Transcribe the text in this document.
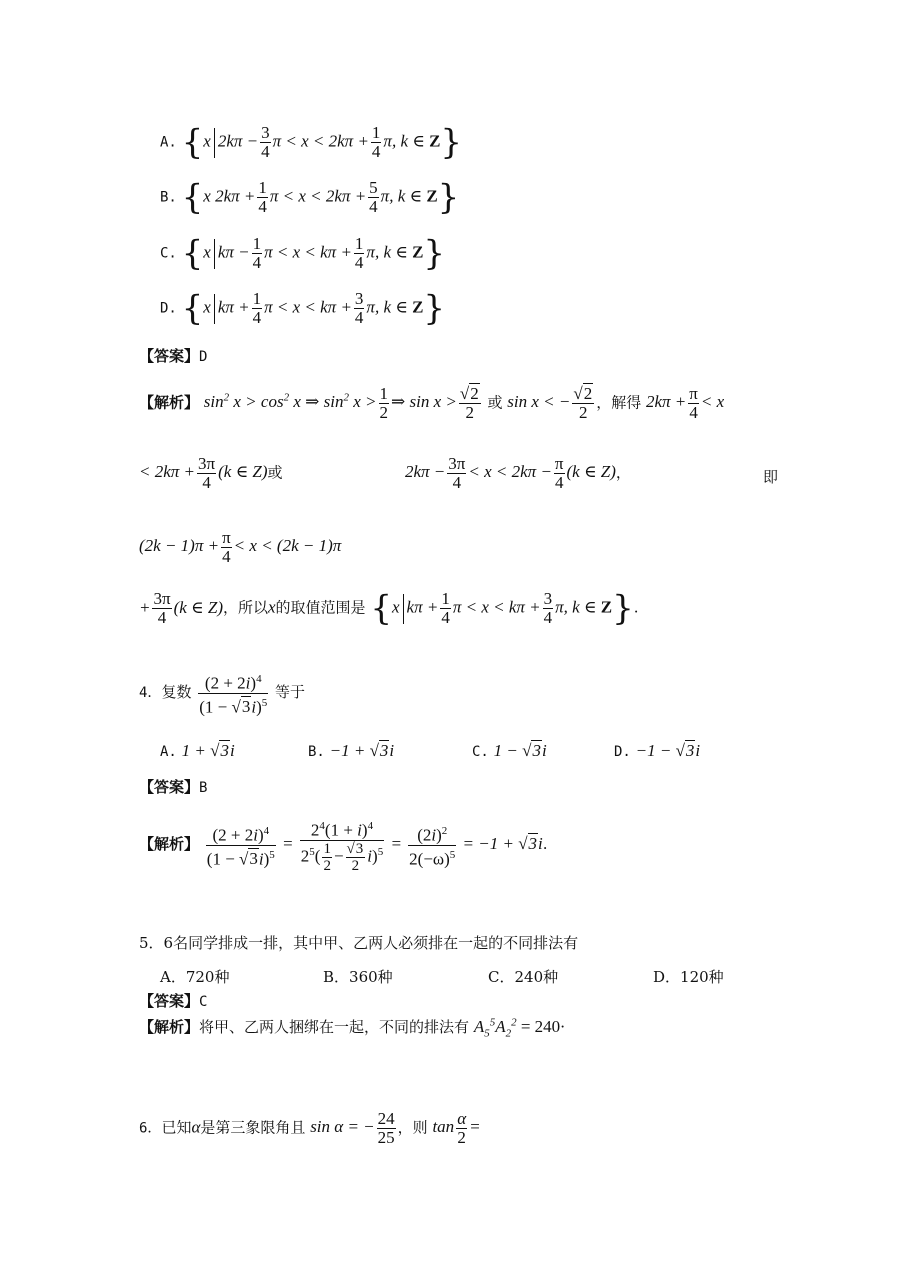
A. {x $2k\pi - \frac{3}{4}$ $\pi < x < 2k\pi + \frac{1}{4} \pi$, k ∈ Z}
B. {x $2k\pi + \frac{1}{4}$ $\pi < x < 2k\pi + \frac{5}{4} \pi$, k ∈ Z}
C. {x $k\pi - \frac{1}{4}$ $\pi < x < k\pi + \frac{1}{4} \pi$, k ∈ Z}
D. {x $k\pi + \frac{1}{4}$ $\pi < x < k\pi + \frac{3}{4} \pi$, k ∈ Z}
【答案】D
【解析】 $\sin^2 x > \cos^2 x$ ⇒ $\sin^2 x > \frac{1}{2}$ ⇒ $\sin x > \frac{√2}{2}$ 或 sin x < − $\frac{√2}{2}$ ，解得 $2k\pi + \frac{\pi}{4} < x$
< $2k\pi + \frac{3\pi}{4} (k$ ∈ Z)或	$2k\pi - \frac{3\pi}{4} < x < 2k\pi - \frac{\pi}{4} (k$ ∈ Z)，	即
$(2k - 1)\pi + \frac{\pi}{4} < x < (2k - 1)\pi$
+ $\frac{3\pi}{4} (k$ ∈ Z)，所以x的取值范围是 {x $k\pi + \frac{1}{4}$ $\pi < x < k\pi + \frac{3}{4} \pi$, k ∈ Z}.
4．复数 $\frac{(2 + 2i)^4}{(1 - √3i)^5}$ 等于
A. 1 + √3i	B. −1 + √3i	C. 1 − √3i	D. −1 − √3i
【答案】B
【解析】 $\frac{(2 + 2i)^4}{(1 - √3i)^5} = \frac{2^4(1 + i)^4}{2^5( \frac{1}{2} - \frac{√3}{2} i)^5} = \frac{(2i)^2}{2(-\omega)^5} = -1 + √3i$.
5．6名同学排成一排，其中甲、乙两人必须排在一起的不同排法有
A．720种	B．360种	C．240种	D．120种
【答案】C
【解析】将甲、乙两人捆绑在一起，不同的排法有 $A_5^5A_2^2 = 240\cdot$
6．已知α是第三象限角且 sin α = − $\frac{24}{25}$ ，则 $\tan \frac{\alpha}{2}$ =
